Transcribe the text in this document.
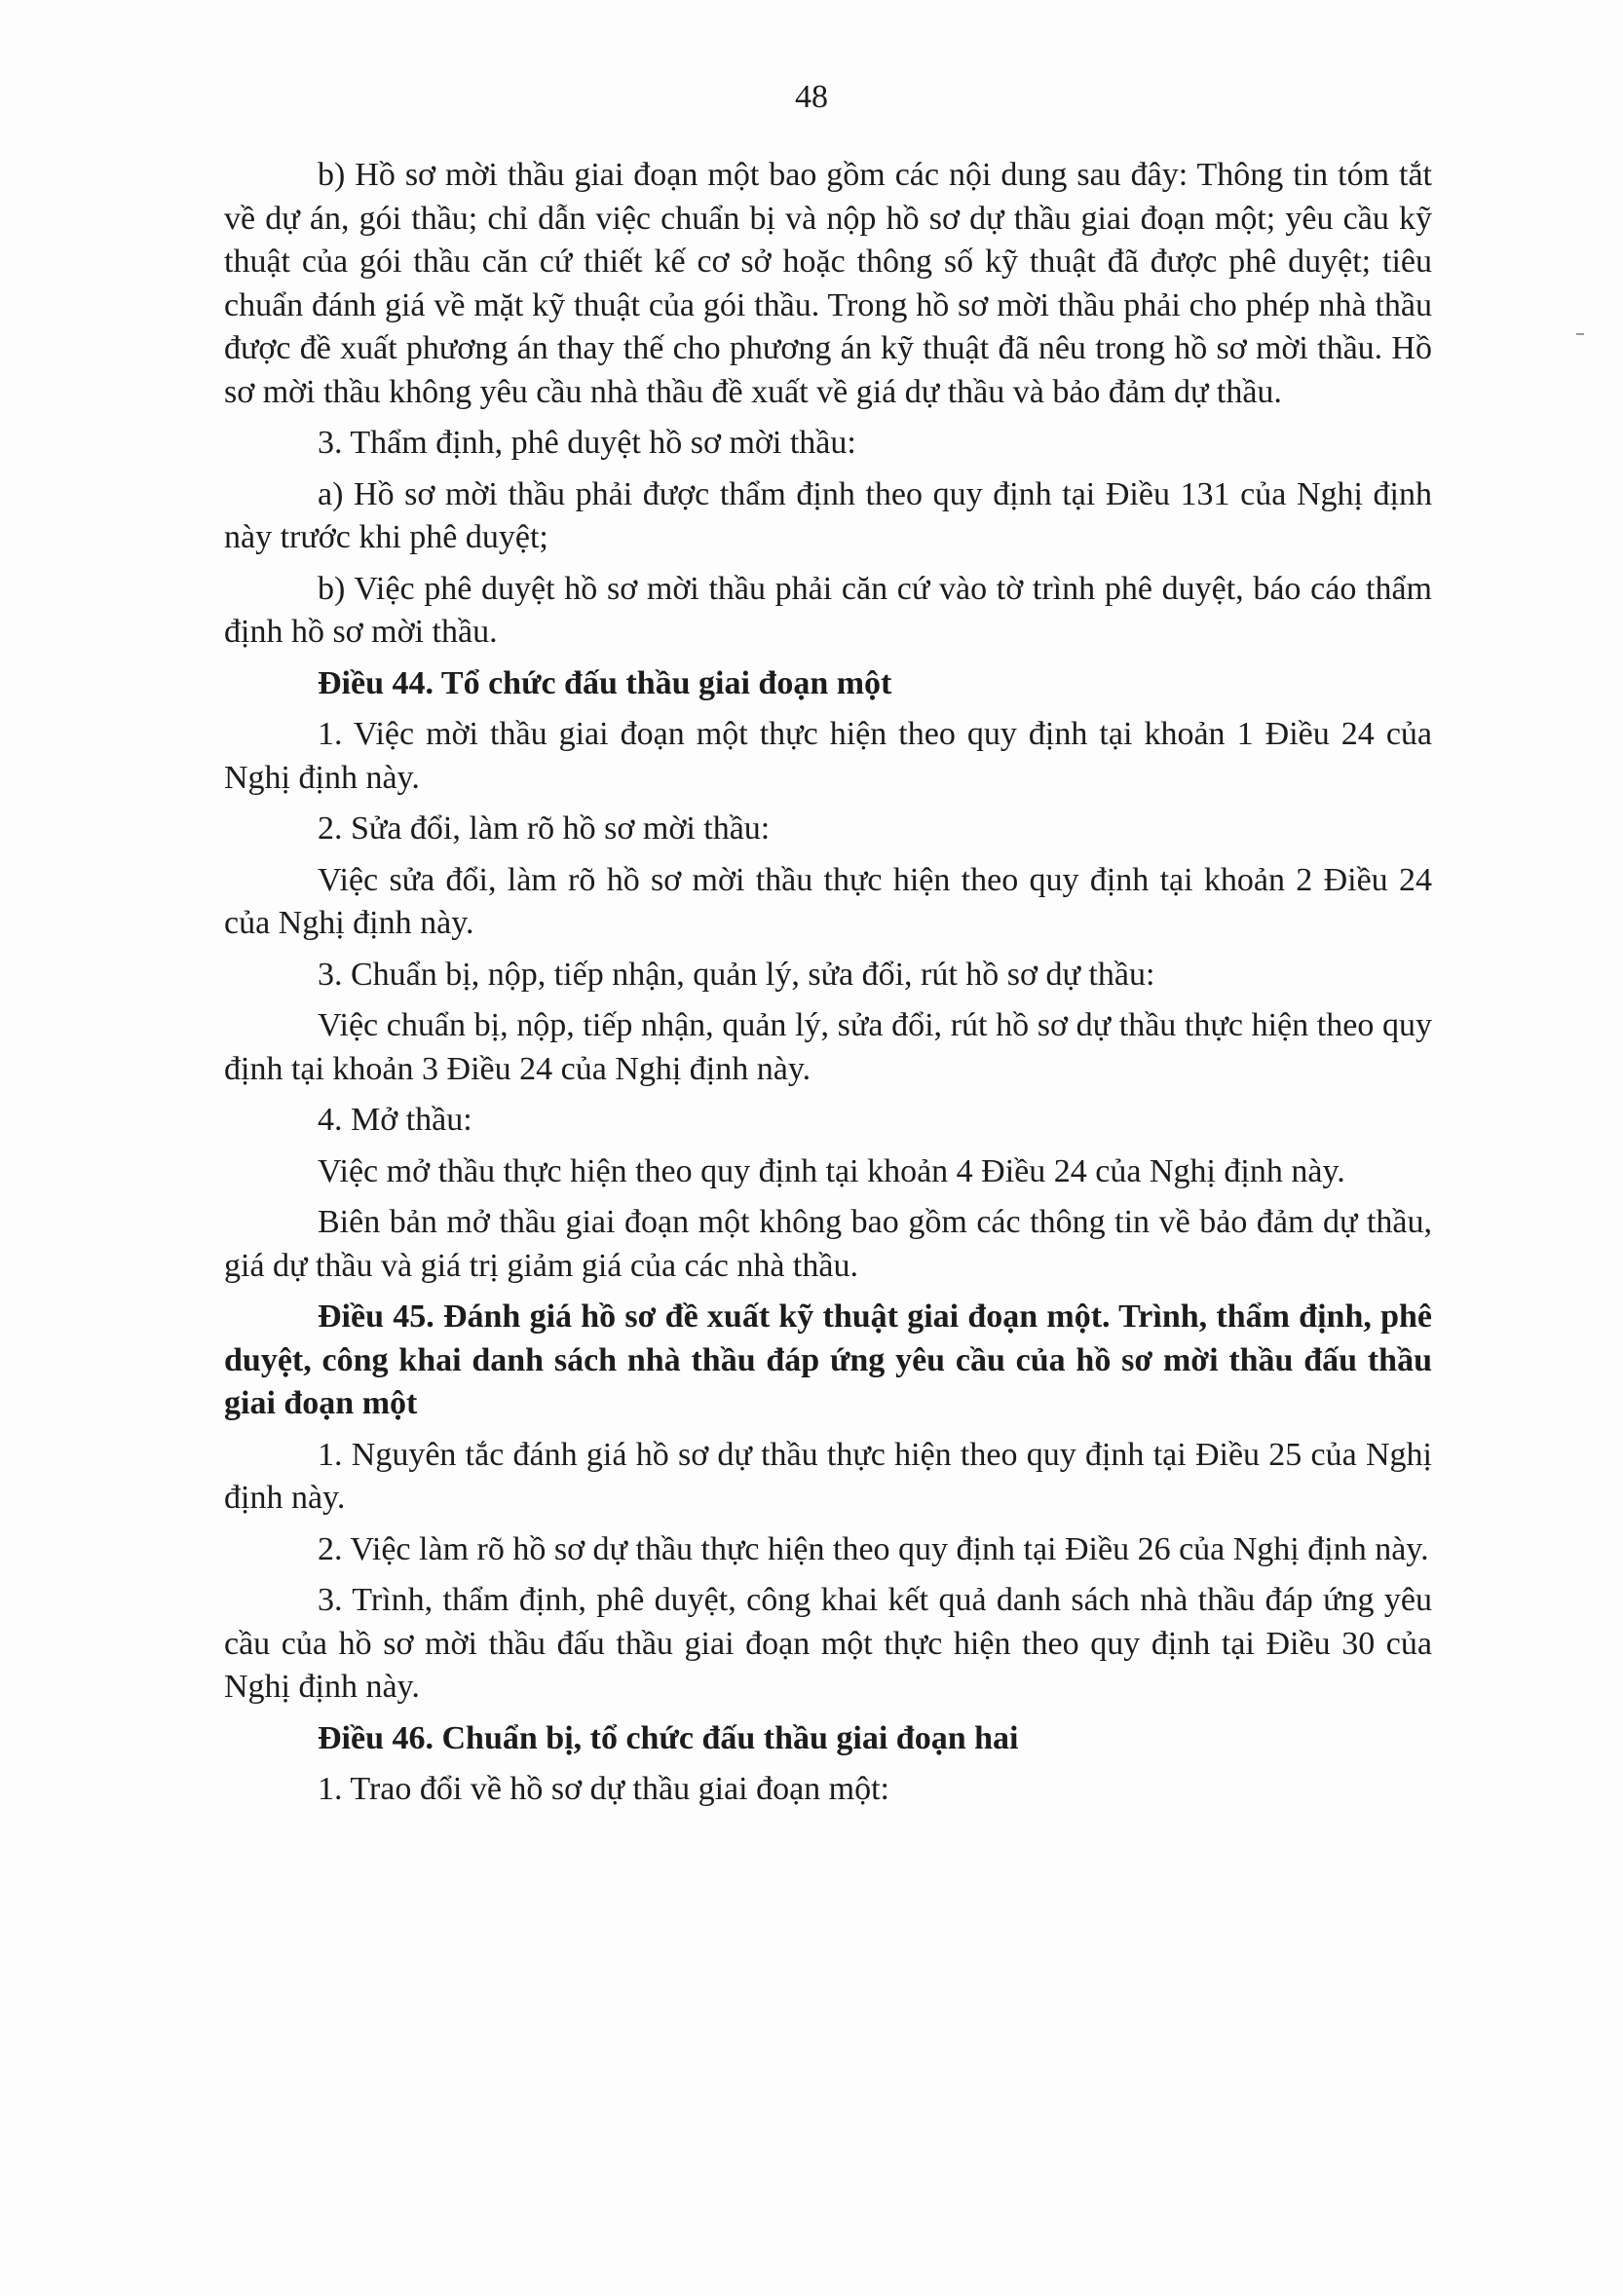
48

b) Hồ sơ mời thầu giai đoạn một bao gồm các nội dung sau đây: Thông tin tóm tắt về dự án, gói thầu; chỉ dẫn việc chuẩn bị và nộp hồ sơ dự thầu giai đoạn một; yêu cầu kỹ thuật của gói thầu căn cứ thiết kế cơ sở hoặc thông số kỹ thuật đã được phê duyệt; tiêu chuẩn đánh giá về mặt kỹ thuật của gói thầu. Trong hồ sơ mời thầu phải cho phép nhà thầu được đề xuất phương án thay thế cho phương án kỹ thuật đã nêu trong hồ sơ mời thầu. Hồ sơ mời thầu không yêu cầu nhà thầu đề xuất về giá dự thầu và bảo đảm dự thầu.

3. Thẩm định, phê duyệt hồ sơ mời thầu:

a) Hồ sơ mời thầu phải được thẩm định theo quy định tại Điều 131 của Nghị định này trước khi phê duyệt;

b) Việc phê duyệt hồ sơ mời thầu phải căn cứ vào tờ trình phê duyệt, báo cáo thẩm định hồ sơ mời thầu.

Điều 44. Tổ chức đấu thầu giai đoạn một

1. Việc mời thầu giai đoạn một thực hiện theo quy định tại khoản 1 Điều 24 của Nghị định này.

2. Sửa đổi, làm rõ hồ sơ mời thầu:

Việc sửa đổi, làm rõ hồ sơ mời thầu thực hiện theo quy định tại khoản 2 Điều 24 của Nghị định này.

3. Chuẩn bị, nộp, tiếp nhận, quản lý, sửa đổi, rút hồ sơ dự thầu:

Việc chuẩn bị, nộp, tiếp nhận, quản lý, sửa đổi, rút hồ sơ dự thầu thực hiện theo quy định tại khoản 3 Điều 24 của Nghị định này.

4. Mở thầu:

Việc mở thầu thực hiện theo quy định tại khoản 4 Điều 24 của Nghị định này.

Biên bản mở thầu giai đoạn một không bao gồm các thông tin về bảo đảm dự thầu, giá dự thầu và giá trị giảm giá của các nhà thầu.

Điều 45. Đánh giá hồ sơ đề xuất kỹ thuật giai đoạn một. Trình, thẩm định, phê duyệt, công khai danh sách nhà thầu đáp ứng yêu cầu của hồ sơ mời thầu đấu thầu giai đoạn một

1. Nguyên tắc đánh giá hồ sơ dự thầu thực hiện theo quy định tại Điều 25 của Nghị định này.

2. Việc làm rõ hồ sơ dự thầu thực hiện theo quy định tại Điều 26 của Nghị định này.

3. Trình, thẩm định, phê duyệt, công khai kết quả danh sách nhà thầu đáp ứng yêu cầu của hồ sơ mời thầu đấu thầu giai đoạn một thực hiện theo quy định tại Điều 30 của Nghị định này.

Điều 46. Chuẩn bị, tổ chức đấu thầu giai đoạn hai

1. Trao đổi về hồ sơ dự thầu giai đoạn một:
